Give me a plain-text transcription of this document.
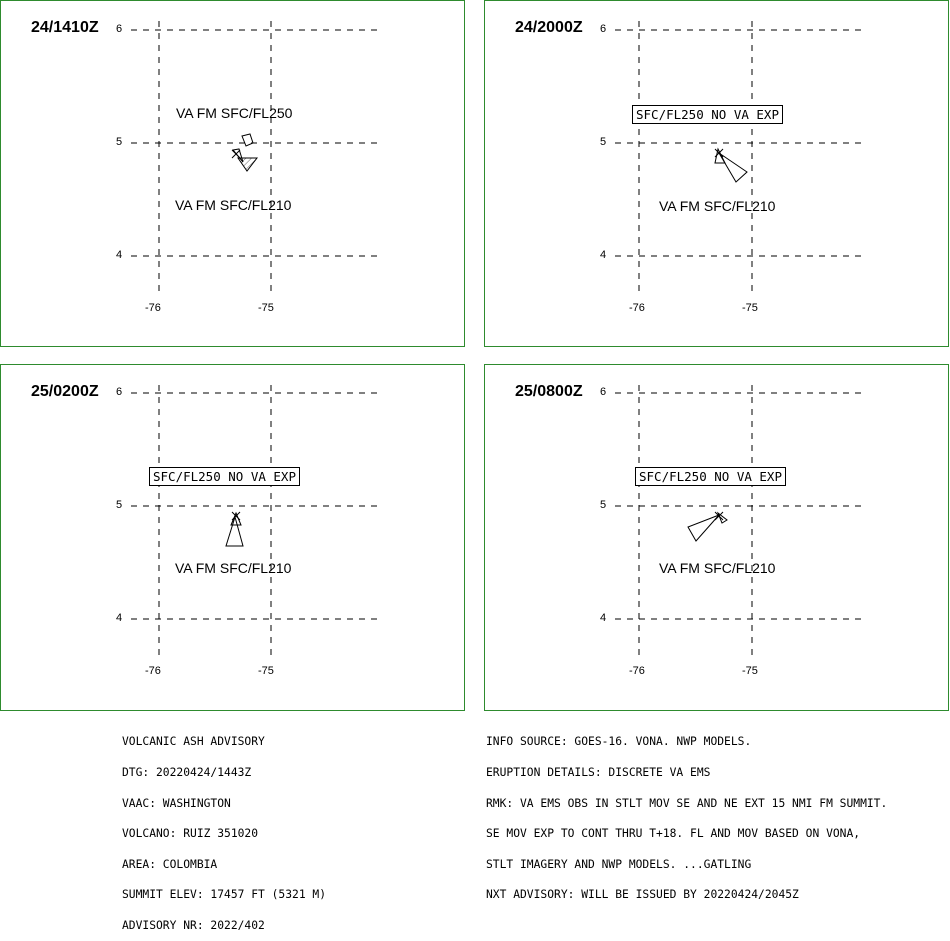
24/1410Z 6
5
4
-76	-75
VA FM SFC/FL250
VA FM SFC/FL210
24/2000Z 6
5
4
-76	-75
SFC/FL250 NO VA EXP
VA FM SFC/FL210
25/0200Z 6
5
4
-76	-75
SFC/FL250 NO VA EXP
VA FM SFC/FL210
25/0800Z 6
5
4
-76	-75
SFC/FL250 NO VA EXP
VA FM SFC/FL210

VOLCANIC ASH ADVISORY

DTG: 20220424/1443Z

VAAC: WASHINGTON

VOLCANO: RUIZ 351020

AREA: COLOMBIA

SUMMIT ELEV: 17457 FT (5321 M)

ADVISORY NR: 2022/402

INFO SOURCE: GOES-16. VONA. NWP MODELS.

ERUPTION DETAILS: DISCRETE VA EMS

RMK: VA EMS OBS IN STLT MOV SE AND NE EXT 15 NMI FM SUMMIT.

SE MOV EXP TO CONT THRU T+18. FL AND MOV BASED ON VONA,

STLT IMAGERY AND NWP MODELS. ...GATLING

NXT ADVISORY: WILL BE ISSUED BY 20220424/2045Z
